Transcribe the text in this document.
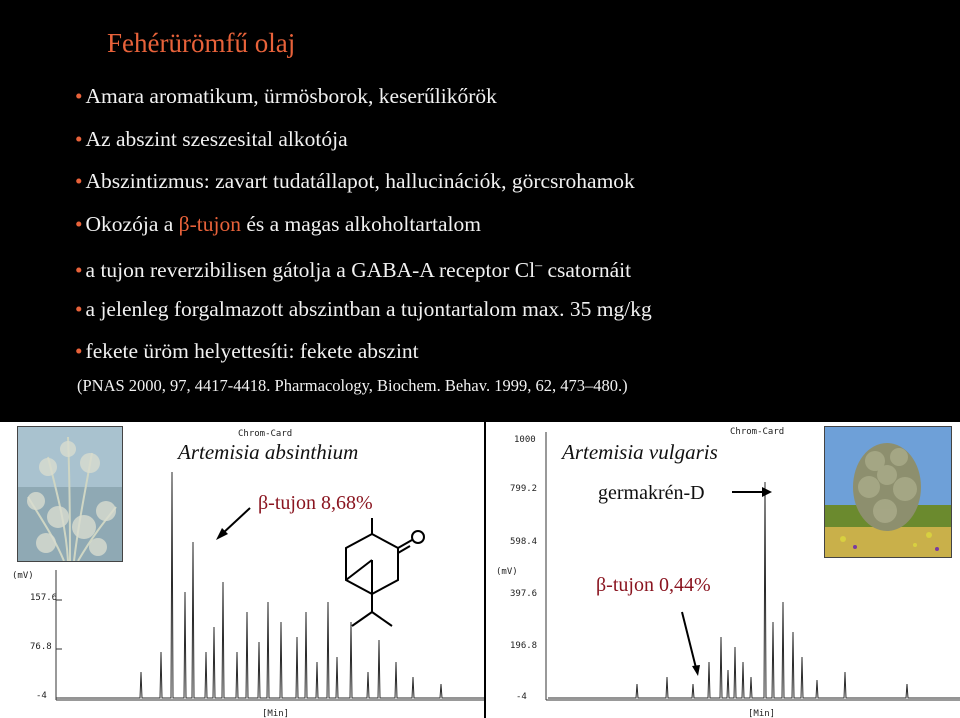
Fehérürömfű olaj
• Amara aromatikum, ürmösborok, keserűlikőrök
• Az abszint szeszesital alkotója
• Abszintizmus: zavart tudatállapot, hallucinációk, görcsrohamok
• Okozója a β-tujon és a magas alkoholtartalom
• a tujon reverzibilisen gátolja a GABA-A receptor Cl– csatornáit
• a jelenleg forgalmazott abszintban a tujontartalom max. 35 mg/kg
• fekete üröm helyettesíti: fekete abszint
(PNAS 2000, 97, 4417-4418. Pharmacology, Biochem. Behav. 1999, 62, 473–480.)
Chrom-Card
(mV)
157.6
76.8
-4
[Min]
Artemisia absinthium
β-tujon 8,68%
Chrom-Card
1000
799.2
598.4
(mV)
397.6
196.8
-4
[Min]
Artemisia vulgaris
germakrén-D
β-tujon 0,44%
